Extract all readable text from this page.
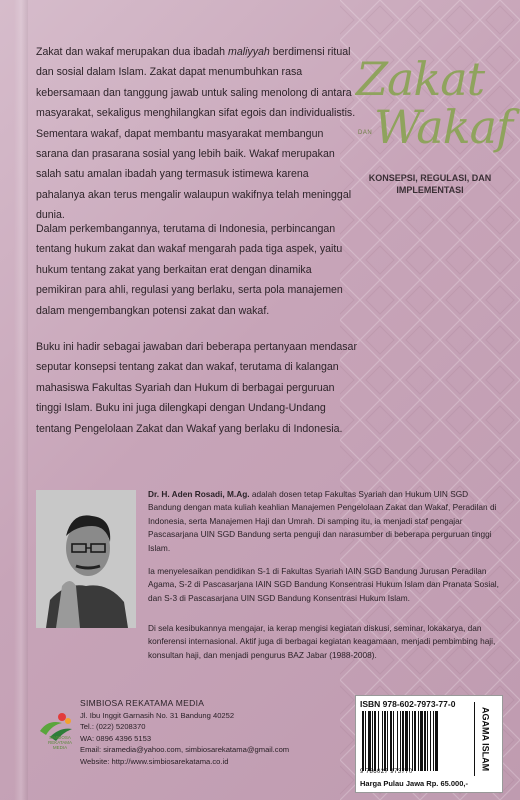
Zakat dan wakaf merupakan dua ibadah maliyyah berdimensi ritual dan sosial dalam Islam. Zakat dapat menumbuhkan rasa kebersamaan dan tanggung jawab untuk saling menolong di antara masyarakat, sekaligus menghilangkan sifat egois dan individualistis. Sementara wakaf, dapat membantu masyarakat membangun sarana dan prasarana sosial yang lebih baik. Wakaf merupakan salah satu amalan ibadah yang termasuk istimewa karena pahalanya akan terus mengalir walaupun wakifnya telah meninggal dunia.
Dalam perkembangannya, terutama di Indonesia, perbincangan tentang hukum zakat dan wakaf mengarah pada tiga aspek, yaitu hukum tentang zakat yang berkaitan erat dengan dinamika pemikiran para ahli, regulasi yang berlaku, serta pola manajemen dalam mengembangkan potensi zakat dan wakaf.
Buku ini hadir sebagai jawaban dari beberapa pertanyaan mendasar seputar konsepsi tentang zakat dan wakaf, terutama di kalangan mahasiswa Fakultas Syariah dan Hukum di berbagai perguruan tinggi Islam. Buku ini juga dilengkapi dengan Undang-Undang tentang Pengelolaan Zakat dan Wakaf yang berlaku di Indonesia.
Zakat
DAN Wakaf
KONSEPSI, REGULASI, DAN
IMPLEMENTASI
Dr. H. Aden Rosadi, M.Ag. adalah dosen tetap Fakultas Syariah dan Hukum UIN SGD Bandung dengan mata kuliah keahlian Manajemen Pengelolaan Zakat dan Wakaf, Peradilan di Indonesia, serta Manajemen Haji dan Umrah. Di samping itu, ia menjadi staf pengajar Pascasarjana UIN SGD Bandung serta penguji dan narasumber di beberapa perguruan tinggi Islam.
Ia menyelesaikan pendidikan S-1 di Fakultas Syariah IAIN SGD Bandung Jurusan Peradilan Agama, S-2 di Pascasarjana IAIN SGD Bandung Konsentrasi Hukum Islam dan Pranata Sosial, dan S-3 di Pascasarjana UIN SGD Bandung Konsentrasi Hukum Islam.
Di sela kesibukannya mengajar, ia kerap mengisi kegiatan diskusi, seminar, lokakarya, dan konferensi internasional. Aktif juga di berbagai kegiatan keagamaan, menjadi pembimbing haji, konsultan haji, dan menjadi pengurus BAZ Jabar (1988-2008).
SIMBIOSA
REKATAMA
MEDIA
SIMBIOSA REKATAMA MEDIA
Jl. Ibu Inggit Garnasih No. 31 Bandung 40252
Tel.: (022) 5208370
WA: 0896 4396 5153
Email: siramedia@yahoo.com, simbiosarekatama@gmail.com
Website: http://www.simbiosarekatama.co.id
ISBN 978-602-7973-77-0
9 786027 973770
Harga Pulau Jawa Rp. 65.000,-
AGAMA ISLAM
